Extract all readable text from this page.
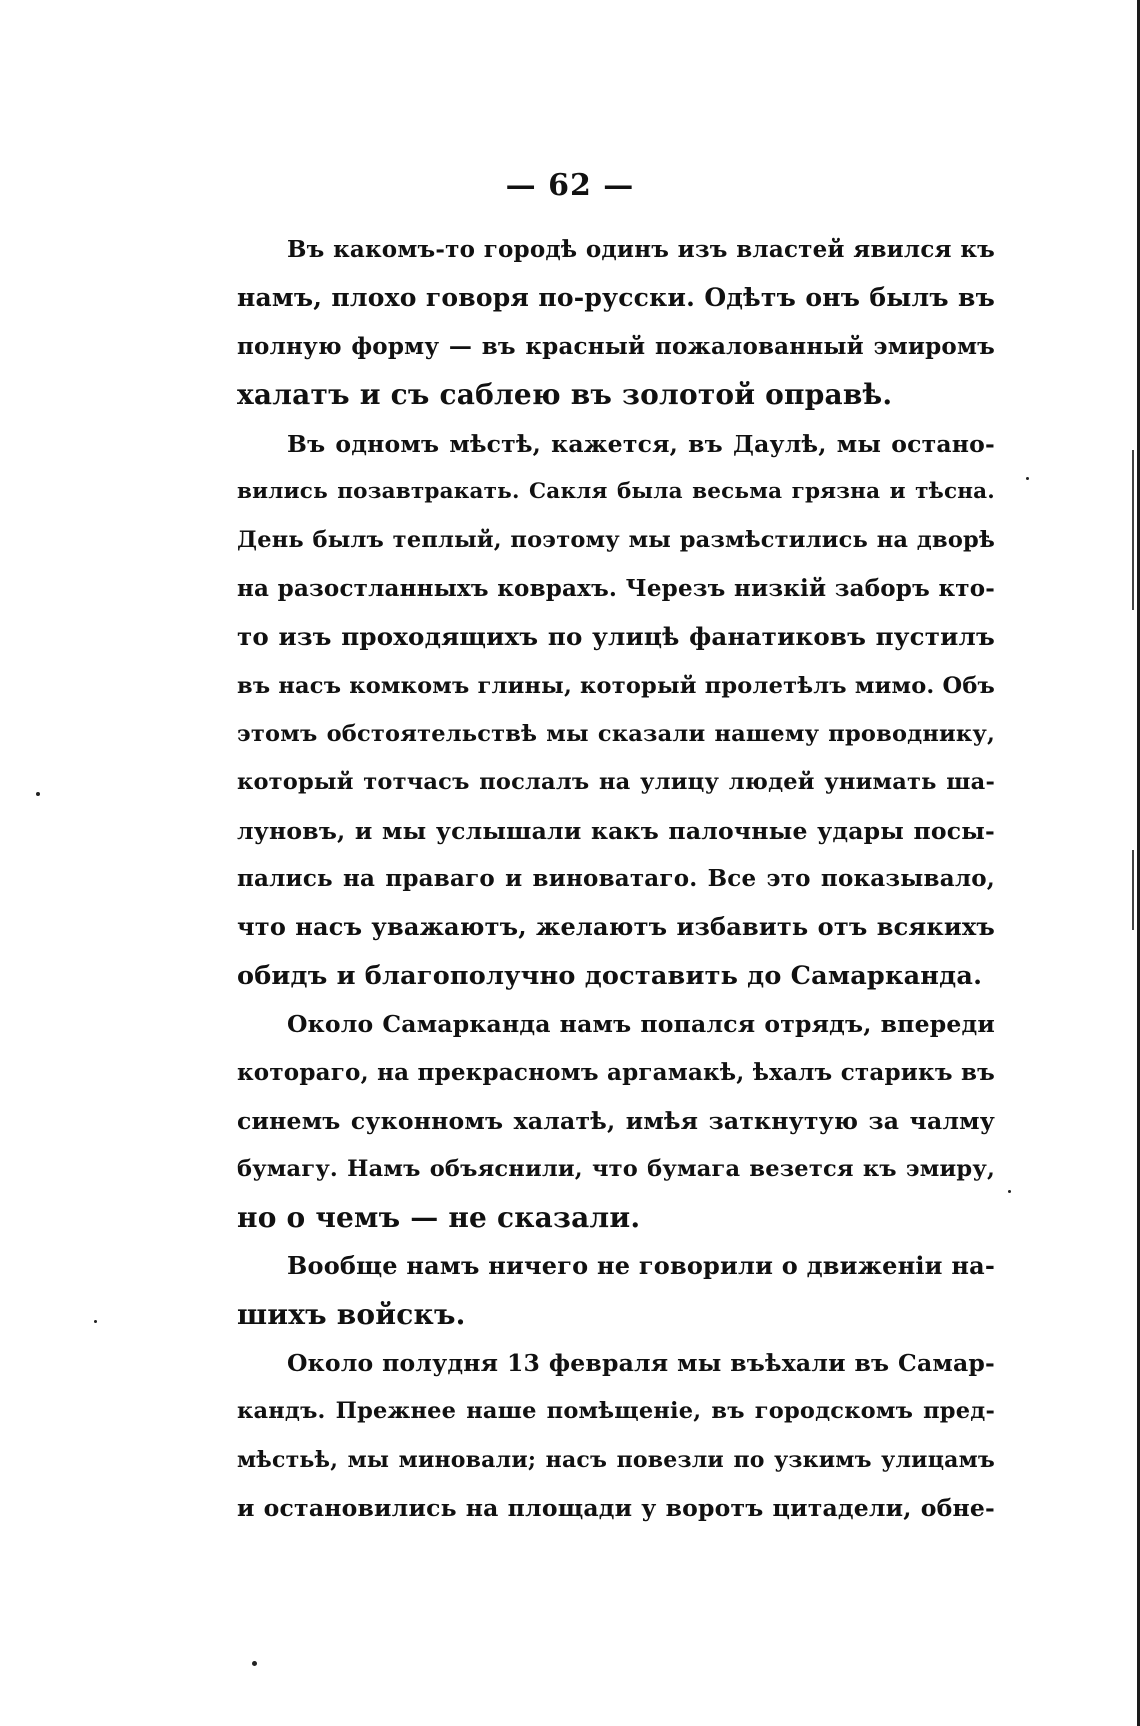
— 62 —
Въ какомъ-то городѣ одинъ изъ властей явился къ
намъ, плохо говоря по-русски. Одѣтъ онъ былъ въ
полную форму — въ красный пожалованный эмиромъ
халатъ и съ саблею въ золотой оправѣ.
Въ одномъ мѣстѣ, кажется, въ Даулѣ, мы остано-
вились позавтракать. Сакля была весьма грязна и тѣсна.
День былъ теплый, поэтому мы размѣстились на дворѣ
на разостланныхъ коврахъ. Черезъ низкій заборъ кто-
то изъ проходящихъ по улицѣ фанатиковъ пустилъ
въ насъ комкомъ глины, который пролетѣлъ мимо. Объ
этомъ обстоятельствѣ мы сказали нашему проводнику,
который тотчасъ послалъ на улицу людей унимать ша-
луновъ, и мы услышали какъ палочные удары посы-
пались на праваго и виноватаго. Все это показывало,
что насъ уважаютъ, желаютъ избавить отъ всякихъ
обидъ и благополучно доставить до Самарканда.
Около Самарканда намъ попался отрядъ, впереди
котораго, на прекрасномъ аргамакѣ, ѣхалъ старикъ въ
синемъ суконномъ халатѣ, имѣя заткнутую за чалму
бумагу. Намъ объяснили, что бумага везется къ эмиру,
но о чемъ — не сказали.
Вообще намъ ничего не говорили о движеніи на-
шихъ войскъ.
Около полудня 13 февраля мы въѣхали въ Самар-
кандъ. Прежнее наше помѣщеніе, въ городскомъ пред-
мѣстьѣ, мы миновали; насъ повезли по узкимъ улицамъ
и остановились на площади у воротъ цитадели, обне-
